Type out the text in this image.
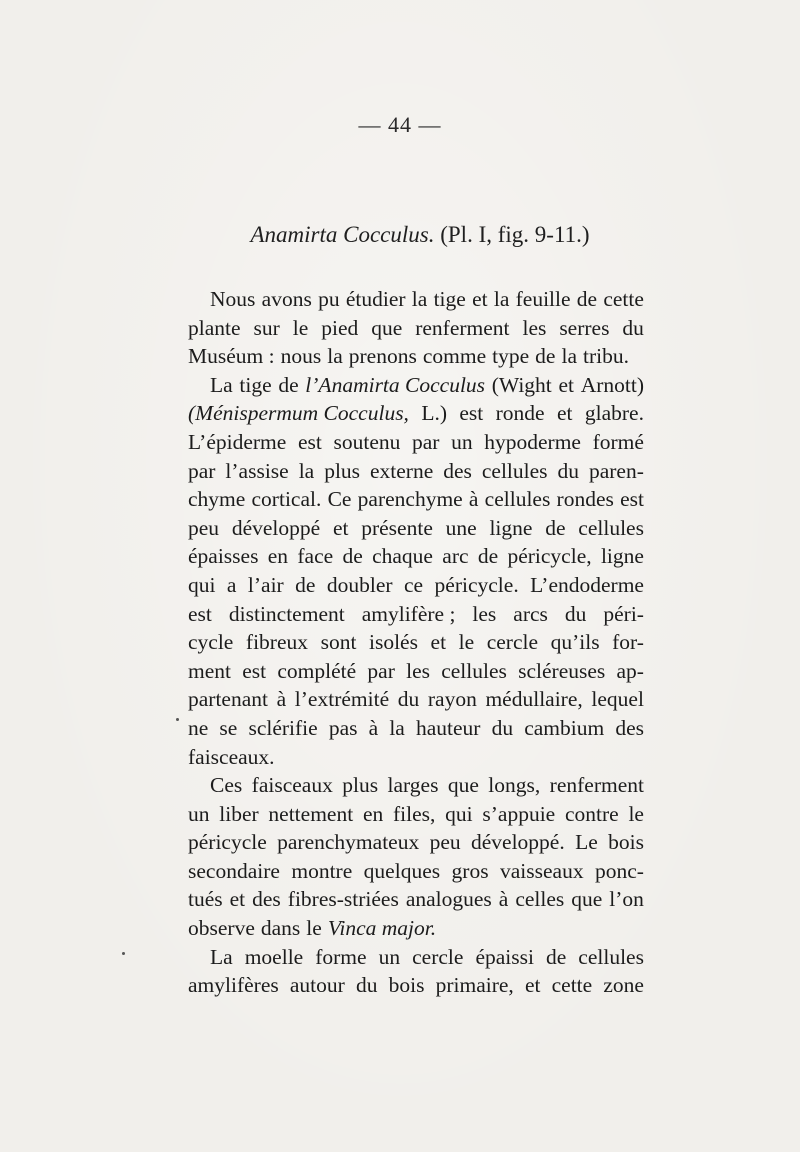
— 44 —
Anamirta Cocculus. (Pl. I, fig. 9-11.)
Nous avons pu étudier la tige et la feuille de cette
plante sur le pied que renferment les serres du
Muséum : nous la prenons comme type de la tribu.
La tige de l’Anamirta Cocculus (Wight et Arnott)
(Ménispermum Cocculus, L.) est ronde et glabre.
L’épiderme est soutenu par un hypoderme formé
par l’assise la plus externe des cellules du paren-
chyme cortical. Ce parenchyme à cellules rondes est
peu développé et présente une ligne de cellules
épaisses en face de chaque arc de péricycle, ligne
qui a l’air de doubler ce péricycle. L’endoderme
est distinctement amylifère ; les arcs du péri-
cycle fibreux sont isolés et le cercle qu’ils for-
ment est complété par les cellules scléreuses ap-
partenant à l’extrémité du rayon médullaire, lequel
ne se sclérifie pas à la hauteur du cambium des
faisceaux.
Ces faisceaux plus larges que longs, renferment
un liber nettement en files, qui s’appuie contre le
péricycle parenchymateux peu développé. Le bois
secondaire montre quelques gros vaisseaux ponc-
tués et des fibres-striées analogues à celles que l’on
observe dans le Vinca major.
La moelle forme un cercle épaissi de cellules
amylifères autour du bois primaire, et cette zone
